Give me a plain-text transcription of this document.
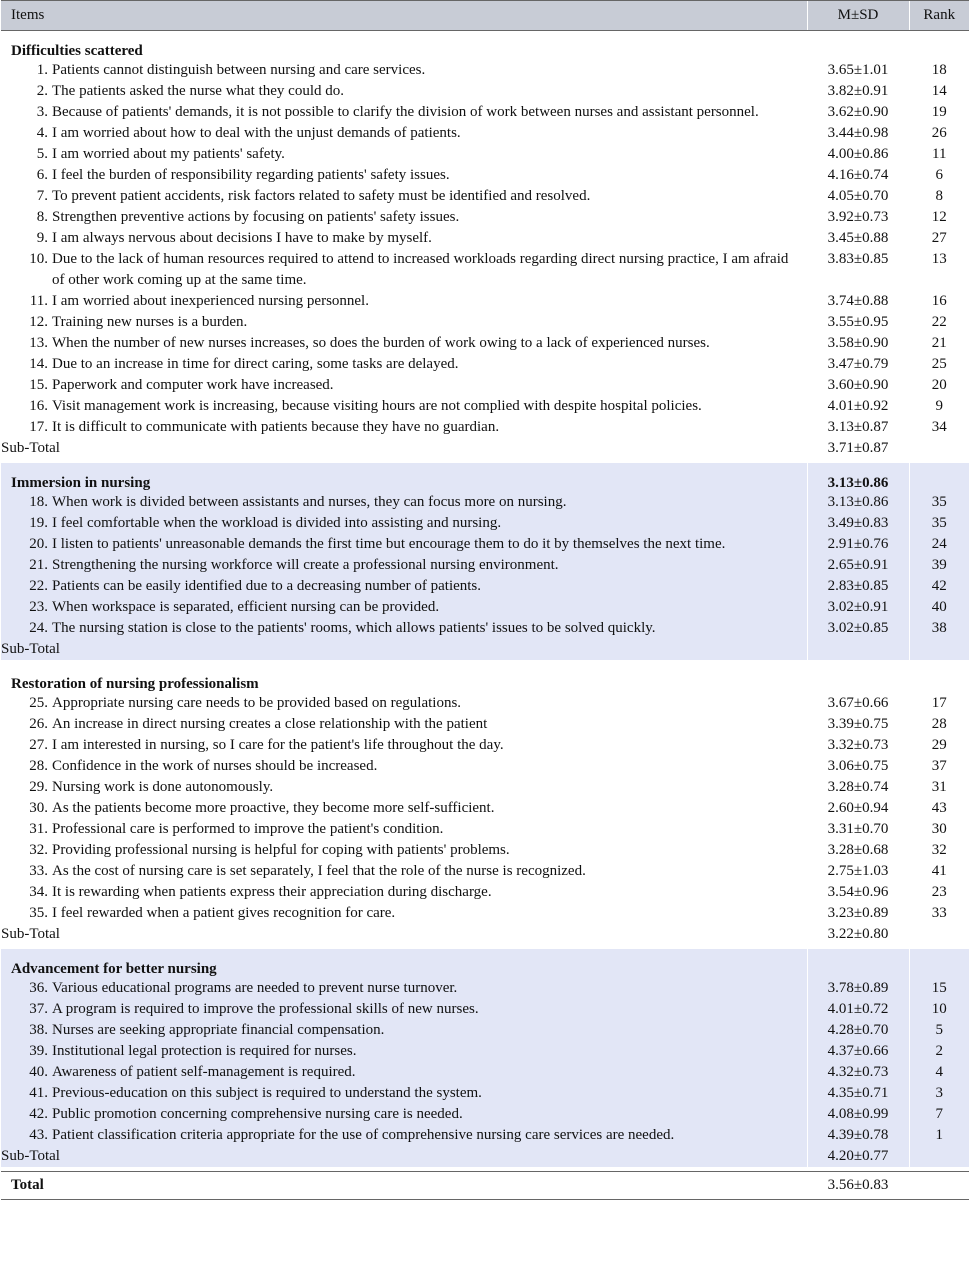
Items	M±SD	Rank
Difficulties scattered		
1. Patients cannot distinguish between nursing and care services.	3.65±1.01	18
2. The patients asked the nurse what they could do.	3.82±0.91	14
3. Because of patients' demands, it is not possible to clarify the division of work between nurses and assistant personnel.	3.62±0.90	19
4. I am worried about how to deal with the unjust demands of patients.	3.44±0.98	26
5. I am worried about my patients' safety.	4.00±0.86	11
6. I feel the burden of responsibility regarding patients' safety issues.	4.16±0.74	6
7. To prevent patient accidents, risk factors related to safety must be identified and resolved.	4.05±0.70	8
8. Strengthen preventive actions by focusing on patients' safety issues.	3.92±0.73	12
9. I am always nervous about decisions I have to make by myself.	3.45±0.88	27
10. Due to the lack of human resources required to attend to increased workloads regarding direct nursing practice, I am afraid of other work coming up at the same time.	3.83±0.85	13
11. I am worried about inexperienced nursing personnel.	3.74±0.88	16
12. Training new nurses is a burden.	3.55±0.95	22
13. When the number of new nurses increases, so does the burden of work owing to a lack of experienced nurses.	3.58±0.90	21
14. Due to an increase in time for direct caring, some tasks are delayed.	3.47±0.79	25
15. Paperwork and computer work have increased.	3.60±0.90	20
16. Visit management work is increasing, because visiting hours are not complied with despite hospital policies.	4.01±0.92	9
17. It is difficult to communicate with patients because they have no guardian.	3.13±0.87	34
Sub-Total	3.71±0.87	

Immersion in nursing	3.13±0.86	
18. When work is divided between assistants and nurses, they can focus more on nursing.	3.13±0.86	35
19. I feel comfortable when the workload is divided into assisting and nursing.	3.49±0.83	35
20. I listen to patients' unreasonable demands the first time but encourage them to do it by themselves the next time.	2.91±0.76	24
21. Strengthening the nursing workforce will create a professional nursing environment.	2.65±0.91	39
22. Patients can be easily identified due to a decreasing number of patients.	2.83±0.85	42
23. When workspace is separated, efficient nursing can be provided.	3.02±0.91	40
24. The nursing station is close to the patients' rooms, which allows patients' issues to be solved quickly.	3.02±0.85	38
Sub-Total		

Restoration of nursing professionalism		
25. Appropriate nursing care needs to be provided based on regulations.	3.67±0.66	17
26. An increase in direct nursing creates a close relationship with the patient	3.39±0.75	28
27. I am interested in nursing, so I care for the patient's life throughout the day.	3.32±0.73	29
28. Confidence in the work of nurses should be increased.	3.06±0.75	37
29. Nursing work is done autonomously.	3.28±0.74	31
30. As the patients become more proactive, they become more self-sufficient.	2.60±0.94	43
31. Professional care is performed to improve the patient's condition.	3.31±0.70	30
32. Providing professional nursing is helpful for coping with patients' problems.	3.28±0.68	32
33. As the cost of nursing care is set separately, I feel that the role of the nurse is recognized.	2.75±1.03	41
34. It is rewarding when patients express their appreciation during discharge.	3.54±0.96	23
35. I feel rewarded when a patient gives recognition for care.	3.23±0.89	33
Sub-Total	3.22±0.80	

Advancement for better nursing		
36. Various educational programs are needed to prevent nurse turnover.	3.78±0.89	15
37. A program is required to improve the professional skills of new nurses.	4.01±0.72	10
38. Nurses are seeking appropriate financial compensation.	4.28±0.70	5
39. Institutional legal protection is required for nurses.	4.37±0.66	2
40. Awareness of patient self-management is required.	4.32±0.73	4
41. Previous-education on this subject is required to understand the system.	4.35±0.71	3
42. Public promotion concerning comprehensive nursing care is needed.	4.08±0.99	7
43. Patient classification criteria appropriate for the use of comprehensive nursing care services are needed.	4.39±0.78	1
Sub-Total	4.20±0.77	

Total	3.56±0.83	
